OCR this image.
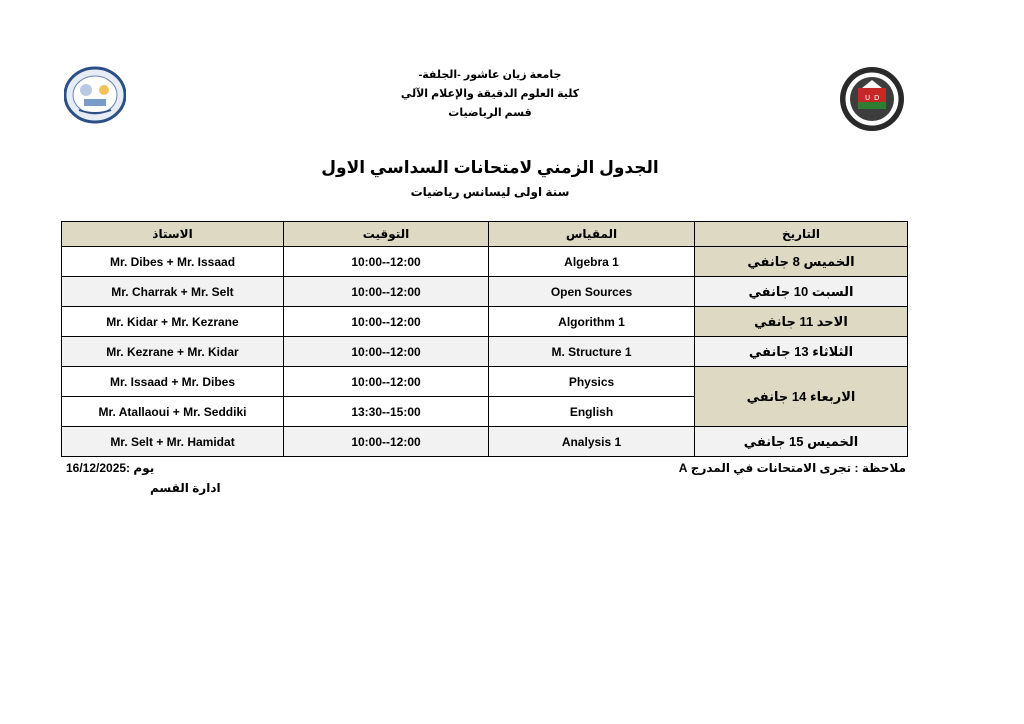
U D
جامعة زيان عاشور -الجلفة-
كلية العلوم الدقيقة والإعلام الآلي
قسم الرياضيات
الجدول الزمني لامتحانات السداسي الاول
سنة اولى ليسانس رياضيات
الاستاذ	التوقيت	المقياس	التاريخ
Mr. Dibes + Mr. Issaad	10:00--12:00	Algebra 1	الخميس 8 جانفي
Mr. Charrak + Mr. Selt	10:00--12:00	Open Sources	السبت 10 جانفي
Mr. Kidar + Mr. Kezrane	10:00--12:00	Algorithm 1	الاحد 11 جانفي
Mr. Kezrane + Mr. Kidar	10:00--12:00	M. Structure 1	الثلاثاء 13 جانفي
Mr. Issaad + Mr. Dibes	10:00--12:00	Physics	الاربعاء 14 جانفي
Mr. Atallaoui + Mr. Seddiki	13:30--15:00	English	
Mr. Selt + Mr. Hamidat	10:00--12:00	Analysis 1	الخميس 15 جانفي
ملاحظة : تجرى الامتحانات في المدرج A
16/12/2025: يوم
ادارة القسم
